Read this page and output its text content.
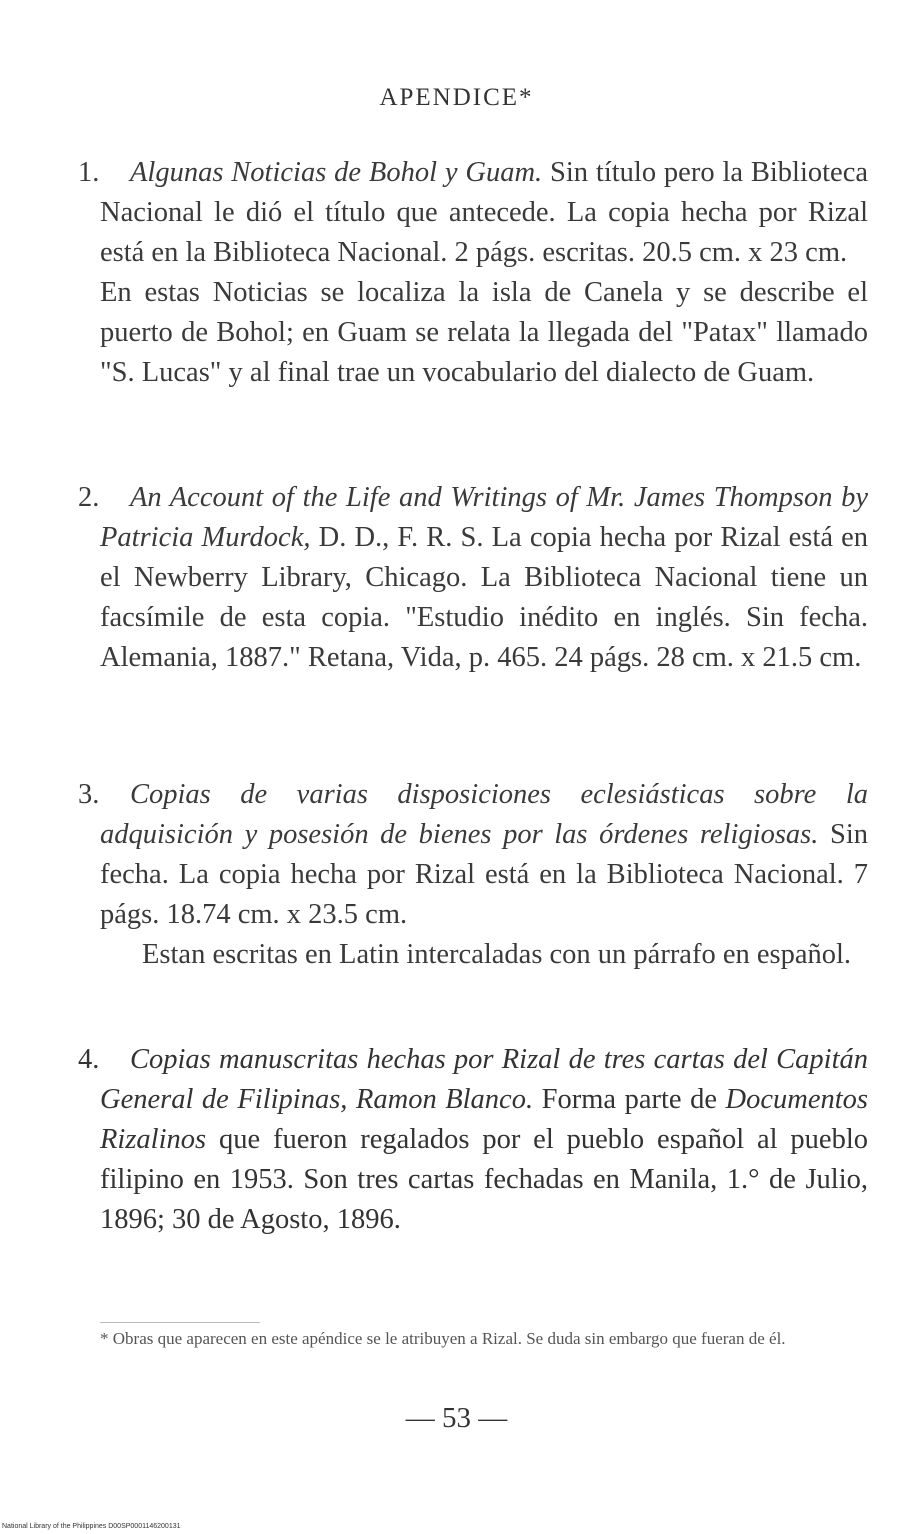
APENDICE*

1. Algunas Noticias de Bohol y Guam. Sin título pero la Biblioteca Nacional le dió el título que antecede. La copia hecha por Rizal está en la Biblioteca Nacional. 2 págs. escritas. 20.5 cm. x 23 cm.

En estas Noticias se localiza la isla de Canela y se describe el puerto de Bohol; en Guam se relata la llegada del "Patax" llamado "S. Lucas" y al final trae un vocabulario del dialecto de Guam.

2. An Account of the Life and Writings of Mr. James Thompson by Patricia Murdock, D. D., F. R. S. La copia hecha por Rizal está en el Newberry Library, Chicago. La Biblioteca Nacional tiene un facsímile de esta copia. "Estudio inédito en inglés. Sin fecha. Alemania, 1887." Retana, Vida, p. 465. 24 págs. 28 cm. x 21.5 cm.

3. Copias de varias disposiciones eclesiásticas sobre la adquisición y posesión de bienes por las órdenes religiosas. Sin fecha. La copia hecha por Rizal está en la Biblioteca Nacional. 7 págs. 18.74 cm. x 23.5 cm.

Estan escritas en Latin intercaladas con un párrafo en español.

4. Copias manuscritas hechas por Rizal de tres cartas del Capitán General de Filipinas, Ramon Blanco. Forma parte de Documentos Rizalinos que fueron regalados por el pueblo español al pueblo filipino en 1953. Son tres cartas fechadas en Manila, 1.° de Julio, 1896; 30 de Agosto, 1896.

* Obras que aparecen en este apéndice se le atribuyen a Rizal. Se duda sin embargo que fueran de él.
— 53 —
National Library of the Philippines D00SP0001146200131
